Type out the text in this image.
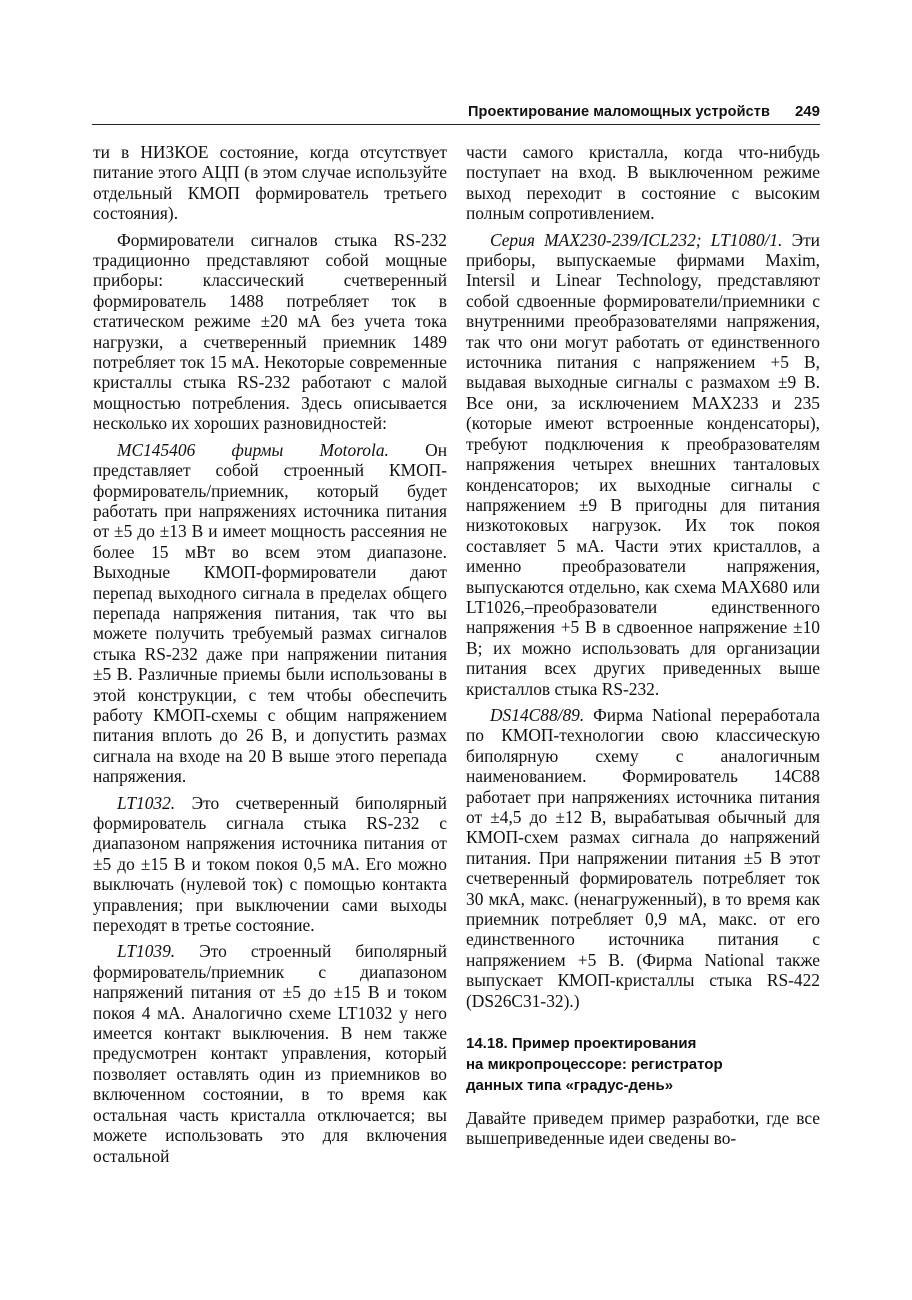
Проектирование маломощных устройств 249

ти в НИЗКОЕ состояние, когда отсутствует питание этого АЦП (в этом случае используйте отдельный КМОП формирователь третьего состояния).

Формирователи сигналов стыка RS-232 традиционно представляют собой мощные приборы: классический счетверенный формирователь 1488 потребляет ток в статическом режиме ±20 мА без учета тока нагрузки, а счетверенный приемник 1489 потребляет ток 15 мА. Некоторые современные кристаллы стыка RS-232 работают с малой мощностью потребления. Здесь описывается несколько их хороших разновидностей:

MC145406 фирмы Motorola. Он представляет собой строенный КМОП-формирователь/приемник, который будет работать при напряжениях источника питания от ±5 до ±13 В и имеет мощность рассеяния не более 15 мВт во всем этом диапазоне. Выходные КМОП-формирователи дают перепад выходного сигнала в пределах общего перепада напряжения питания, так что вы можете получить требуемый размах сигналов стыка RS-232 даже при напряжении питания ±5 В. Различные приемы были использованы в этой конструкции, с тем чтобы обеспечить работу КМОП-схемы с общим напряжением питания вплоть до 26 В, и допустить размах сигнала на входе на 20 В выше этого перепада напряжения.

LT1032. Это счетверенный биполярный формирователь сигнала стыка RS-232 с диапазоном напряжения источника питания от ±5 до ±15 В и током покоя 0,5 мА. Его можно выключать (нулевой ток) с помощью контакта управления; при выключении сами выходы переходят в третье состояние.

LT1039. Это строенный биполярный формирователь/приемник с диапазоном напряжений питания от ±5 до ±15 В и током покоя 4 мА. Аналогично схеме LT1032 у него имеется контакт выключения. В нем также предусмотрен контакт управления, который позволяет оставлять один из приемников во включенном состоянии, в то время как остальная часть кристалла отключается; вы можете использовать это для включения остальной

части самого кристалла, когда что-нибудь поступает на вход. В выключенном режиме выход переходит в состояние с высоким полным сопротивлением.

Серия MAX230-239/ICL232; LT1080/1. Эти приборы, выпускаемые фирмами Maxim, Intersil и Linear Technology, представляют собой сдвоенные формирователи/приемники с внутренними преобразователями напряжения, так что они могут работать от единственного источника питания с напряжением +5 В, выдавая выходные сигналы с размахом ±9 В. Все они, за исключением MAX233 и 235 (которые имеют встроенные конденсаторы), требуют подключения к преобразователям напряжения четырех внешних танталовых конденсаторов; их выходные сигналы с напряжением ±9 В пригодны для питания низкотоковых нагрузок. Их ток покоя составляет 5 мА. Части этих кристаллов, а именно преобразователи напряжения, выпускаются отдельно, как схема MAX680 или LT1026,–преобразователи единственного напряжения +5 В в сдвоенное напряжение ±10 В; их можно использовать для организации питания всех других приведенных выше кристаллов стыка RS-232.

DS14C88/89. Фирма National переработала по КМОП-технологии свою классическую биполярную схему с аналогичным наименованием. Формирователь 14C88 работает при напряжениях источника питания от ±4,5 до ±12 В, вырабатывая обычный для КМОП-схем размах сигнала до напряжений питания. При напряжении питания ±5 В этот счетверенный формирователь потребляет ток 30 мкА, макс. (ненагруженный), в то время как приемник потребляет 0,9 мА, макс. от его единственного источника питания с напряжением +5 В. (Фирма National также выпускает КМОП-кристаллы стыка RS-422 (DS26C31-32).)

14.18. Пример проектирования
на микропроцессоре: регистратор
данных типа «градус-день»

Давайте приведем пример разработки, где все вышеприведенные идеи сведены во-
